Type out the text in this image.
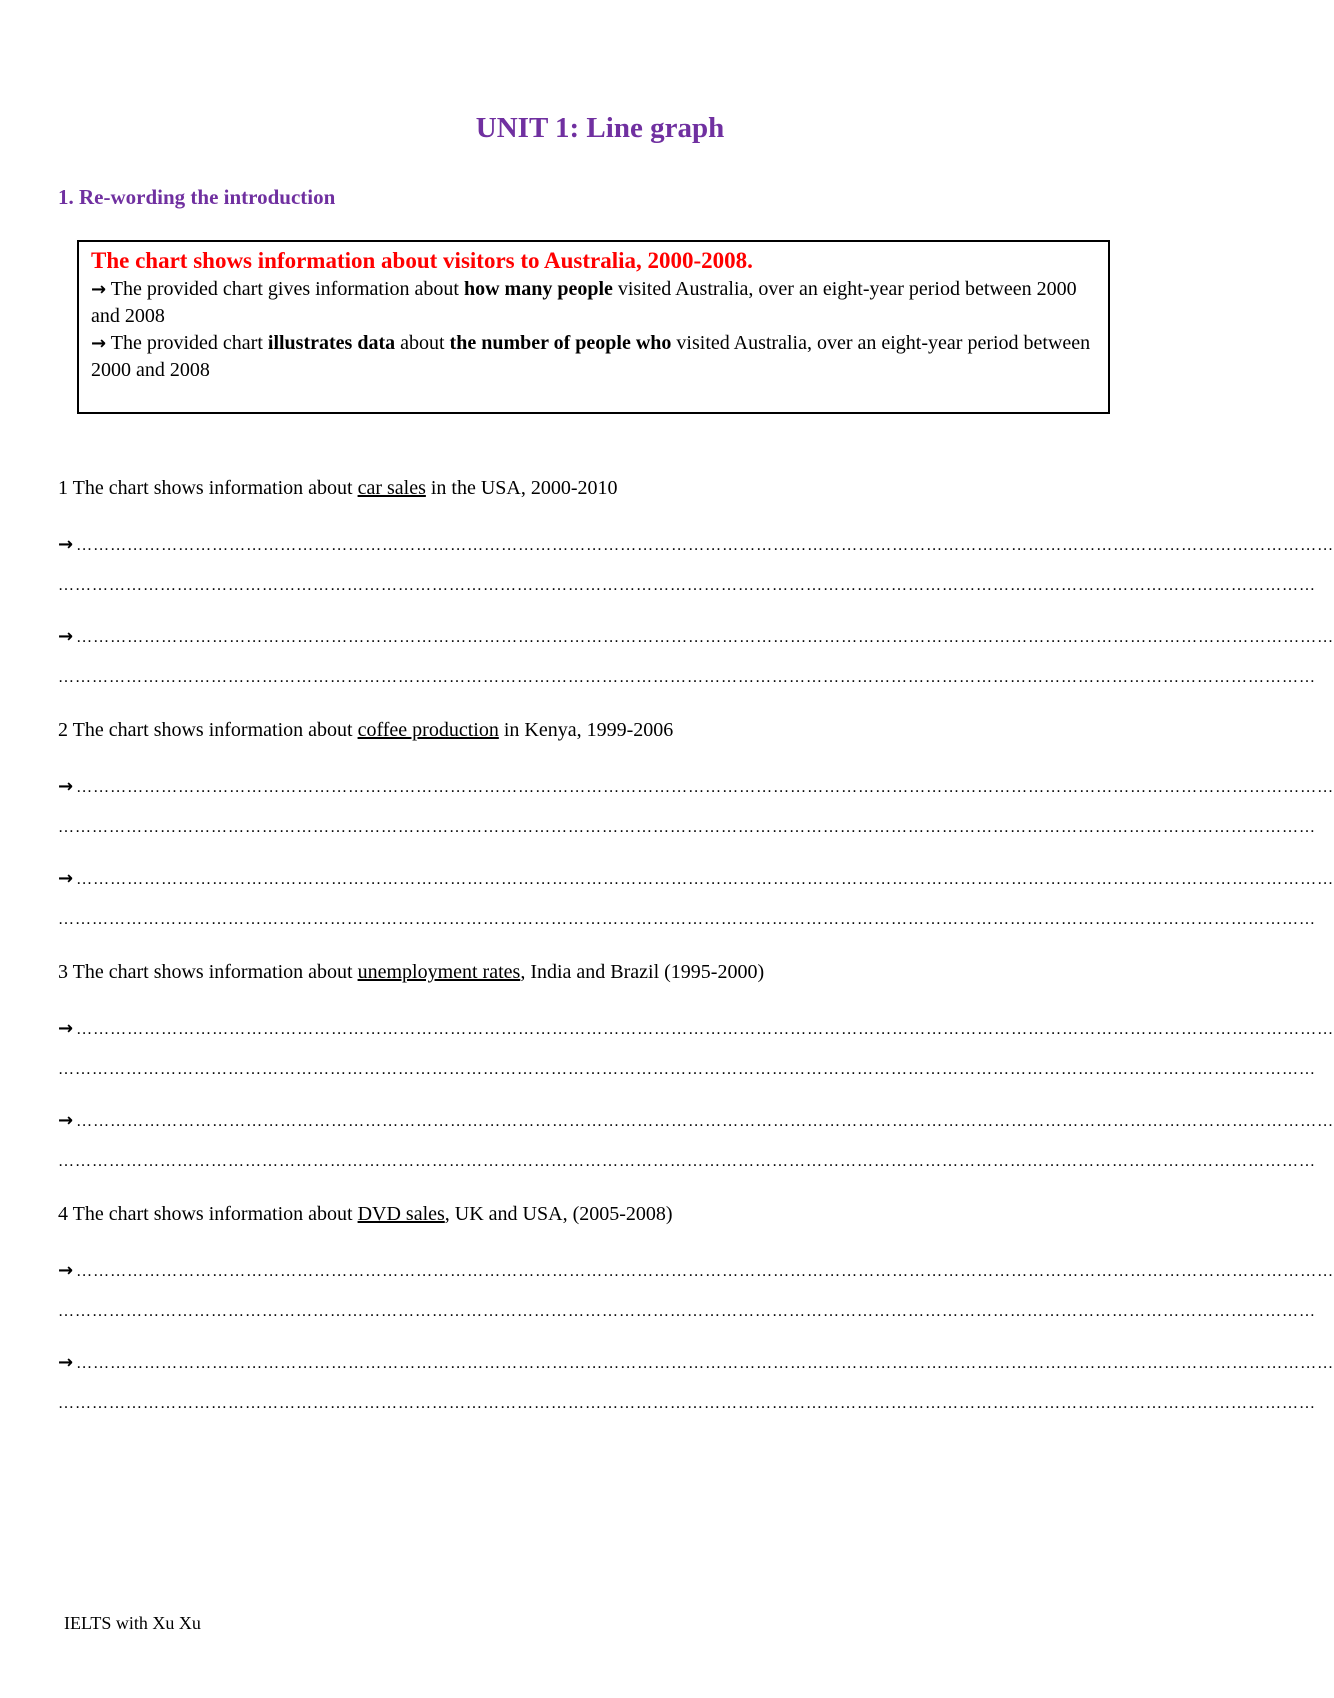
UNIT 1: Line graph
1. Re-wording the introduction
The chart shows information about visitors to Australia, 2000-2008.
→ The provided chart gives information about how many people visited Australia, over an eight-year period between 2000 and 2008
→ The provided chart illustrates data about the number of people who visited Australia, over an eight-year period between 2000 and 2008
1 The chart shows information about car sales in the USA, 2000-2010
→ ……………………………………………………………………………………………………………………………………………………………………………………………………
……………………………………………………………………………………………………………………………………………………………………………………………………
→ ……………………………………………………………………………………………………………………………………………………………………………………………………
……………………………………………………………………………………………………………………………………………………………………………………………………
2 The chart shows information about coffee production in Kenya, 1999-2006
→ ……………………………………………………………………………………………………………………………………………………………………………………………………
……………………………………………………………………………………………………………………………………………………………………………………………………
→ ……………………………………………………………………………………………………………………………………………………………………………………………………
……………………………………………………………………………………………………………………………………………………………………………………………………
3 The chart shows information about unemployment rates, India and Brazil (1995-2000)
→ ……………………………………………………………………………………………………………………………………………………………………………………………………
……………………………………………………………………………………………………………………………………………………………………………………………………
→ ……………………………………………………………………………………………………………………………………………………………………………………………………
……………………………………………………………………………………………………………………………………………………………………………………………………
4 The chart shows information about DVD sales, UK and USA, (2005-2008)
→ ……………………………………………………………………………………………………………………………………………………………………………………………………
……………………………………………………………………………………………………………………………………………………………………………………………………
→ ……………………………………………………………………………………………………………………………………………………………………………………………………
……………………………………………………………………………………………………………………………………………………………………………………………………
IELTS with Xu Xu
